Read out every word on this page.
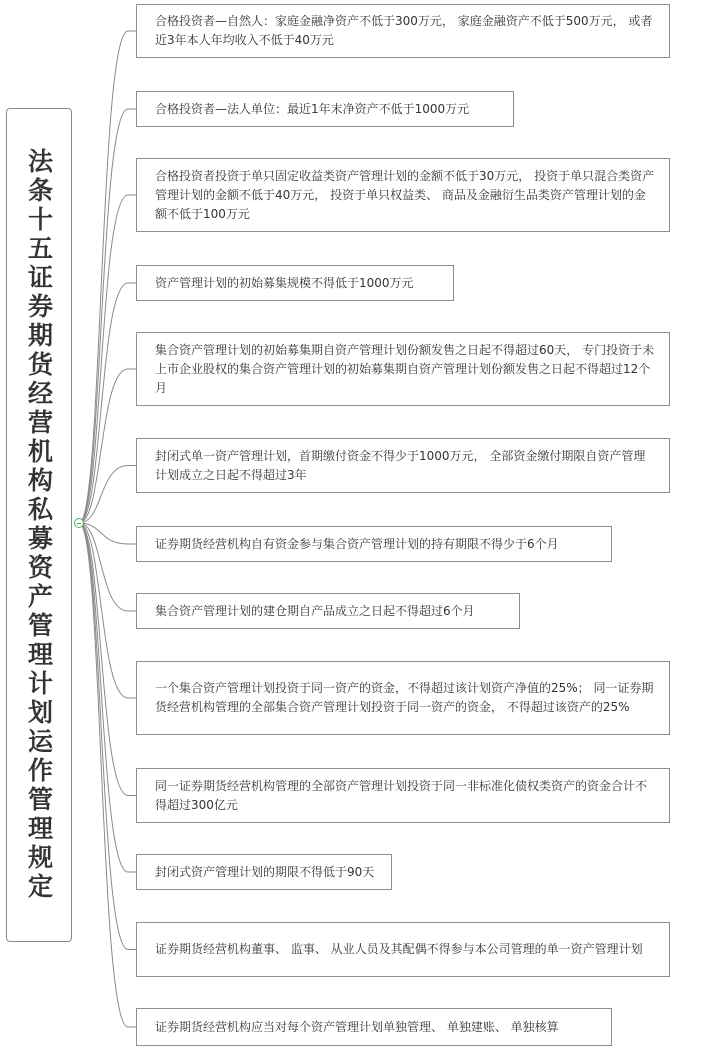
法条十五证券期货经营机构私募资产管理计划运作管理规定
合格投资者—自然人：家庭金融净资产不低于300万元， 家庭金融资产不低于500万元， 或者近3年本人年均收入不低于40万元
合格投资者—法人单位：最近1年末净资产不低于1000万元
合格投资者投资于单只固定收益类资产管理计划的金额不低于30万元， 投资于单只混合类资产管理计划的金额不低于40万元， 投资于单只权益类、 商品及金融衍生品类资产管理计划的金额不低于100万元
资产管理计划的初始募集规模不得低于1000万元
集合资产管理计划的初始募集期自资产管理计划份额发售之日起不得超过60天， 专门投资于未上市企业股权的集合资产管理计划的初始募集期自资产管理计划份额发售之日起不得超过12个月
封闭式单一资产管理计划，首期缴付资金不得少于1000万元， 全部资金缴付期限自资产管理计划成立之日起不得超过3年
证券期货经营机构自有资金参与集合资产管理计划的持有期限不得少于6个月
集合资产管理计划的建仓期自产品成立之日起不得超过6个月
一个集合资产管理计划投资于同一资产的资金，不得超过该计划资产净值的25%； 同一证券期货经营机构管理的全部集合资产管理计划投资于同一资产的资金， 不得超过该资产的25%
同一证券期货经营机构管理的全部资产管理计划投资于同一非标准化债权类资产的资金合计不得超过300亿元
封闭式资产管理计划的期限不得低于90天
证券期货经营机构董事、 监事、 从业人员及其配偶不得参与本公司管理的单一资产管理计划
证券期货经营机构应当对每个资产管理计划单独管理、 单独建账、 单独核算
